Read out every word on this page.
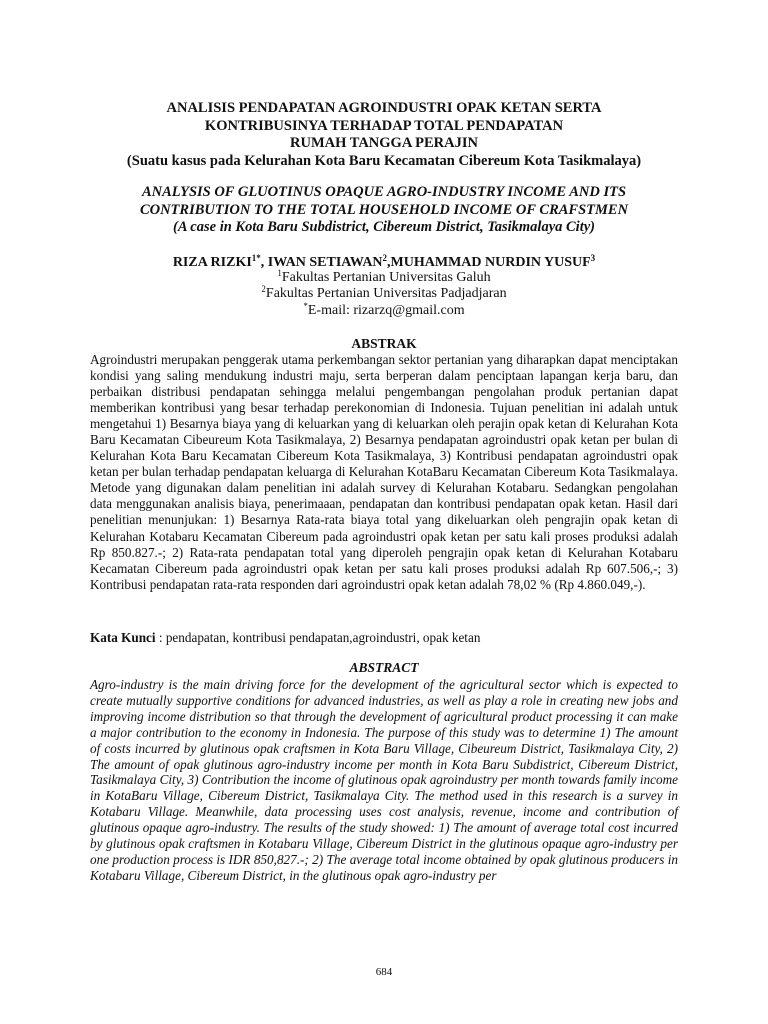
ANALISIS PENDAPATAN AGROINDUSTRI OPAK KETAN SERTA
KONTRIBUSINYA TERHADAP TOTAL PENDAPATAN
RUMAH TANGGA PERAJIN
(Suatu kasus pada Kelurahan Kota Baru Kecamatan Cibereum Kota Tasikmalaya)
ANALYSIS OF GLUOTINUS OPAQUE AGRO-INDUSTRY INCOME AND ITS
CONTRIBUTION TO THE TOTAL HOUSEHOLD INCOME OF CRAFSTMEN
(A case in Kota Baru Subdistrict, Cibereum District, Tasikmalaya City)
RIZA $RIZKI^{1*}$, IWAN SETIAWAN$^2$,MUHAMMAD NURDIN YUSUF$^3$
$^1$Fakultas Pertanian Universitas Galuh
$^2$Fakultas Pertanian Universitas Padjadjaran
*E-mail: rizarzq@gmail.com
ABSTRAK

Agroindustri merupakan penggerak utama perkembangan sektor pertanian yang diharapkan dapat menciptakan kondisi yang saling mendukung industri maju, serta berperan dalam penciptaan lapangan kerja baru, dan perbaikan distribusi pendapatan sehingga melalui pengembangan pengolahan produk pertanian dapat memberikan kontribusi yang besar terhadap perekonomian di Indonesia. Tujuan penelitian ini adalah untuk mengetahui 1) Besarnya biaya yang di keluarkan yang di keluarkan oleh perajin opak ketan di Kelurahan Kota Baru Kecamatan Cibeureum Kota Tasikmalaya, 2) Besarnya pendapatan agroindustri opak ketan per bulan di Kelurahan Kota Baru Kecamatan Cibereum Kota Tasikmalaya, 3) Kontribusi pendapatan agroindustri opak ketan per bulan terhadap pendapatan keluarga di Kelurahan KotaBaru Kecamatan Cibereum Kota Tasikmalaya. Metode yang digunakan dalam penelitian ini adalah survey di Kelurahan Kotabaru. Sedangkan pengolahan data menggunakan analisis biaya, penerimaaan, pendapatan dan kontribusi pendapatan opak ketan. Hasil dari penelitian menunjukan: 1) Besarnya Rata-rata biaya total yang dikeluarkan oleh pengrajin opak ketan di Kelurahan Kotabaru Kecamatan Cibereum pada agroindustri opak ketan per satu kali proses produksi adalah Rp 850.827.-; 2) Rata-rata pendapatan total yang diperoleh pengrajin opak ketan di Kelurahan Kotabaru Kecamatan Cibereum pada agroindustri opak ketan per satu kali proses produksi adalah Rp 607.506,-; 3) Kontribusi pendapatan rata-rata responden dari agroindustri opak ketan adalah 78,02 % (Rp 4.860.049,-).

Kata Kunci : pendapatan, kontribusi pendapatan,agroindustri, opak ketan
ABSTRACT

Agro-industry is the main driving force for the development of the agricultural sector which is expected to create mutually supportive conditions for advanced industries, as well as play a role in creating new jobs and improving income distribution so that through the development of agricultural product processing it can make a major contribution to the economy in Indonesia. The purpose of this study was to determine 1) The amount of costs incurred by glutinous opak craftsmen in Kota Baru Village, Cibeureum District, Tasikmalaya City, 2) The amount of opak glutinous agro-industry income per month in Kota Baru Subdistrict, Cibereum District, Tasikmalaya City, 3) Contribution the income of glutinous opak agroindustry per month towards family income in KotaBaru Village, Cibereum District, Tasikmalaya City. The method used in this research is a survey in Kotabaru Village. Meanwhile, data processing uses cost analysis, revenue, income and contribution of glutinous opaque agro-industry. The results of the study showed: 1) The amount of average total cost incurred by glutinous opak craftsmen in Kotabaru Village, Cibereum District in the glutinous opaque agro-industry per one production process is IDR 850,827.-; 2) The average total income obtained by opak glutinous producers in Kotabaru Village, Cibereum District, in the glutinous opak agro-industry per

684
